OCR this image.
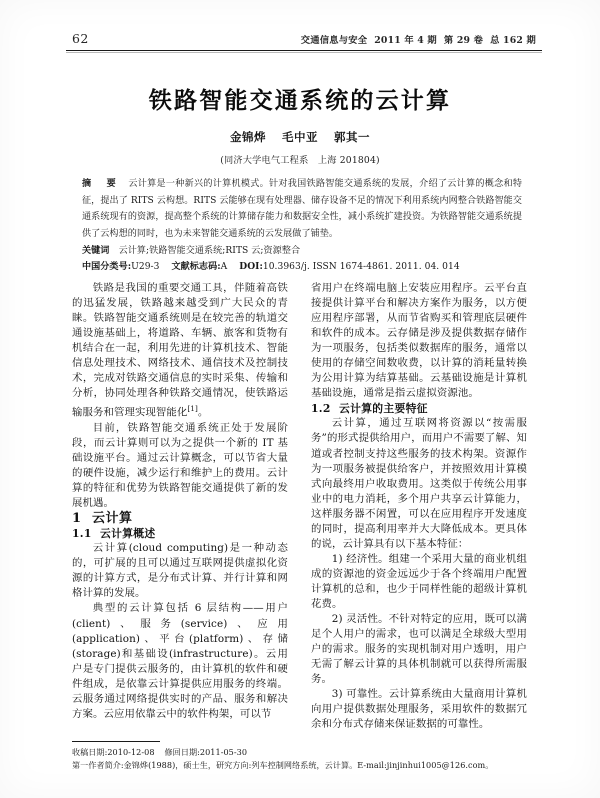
62	交通信息与安全 2011 年 4 期 第 29 卷 总 162 期
铁路智能交通系统的云计算
金锦烨 毛中亚 郭其一
(同济大学电气工程系　上海 201804)

摘　要　 云计算是一种新兴的计算机模式。针对我国铁路智能交通系统的发展，介绍了云计算的概念和特征，提出了 RITS 云构想。RITS 云能够在现有处理器、储存设备不足的情况下利用系统内网整合铁路智能交通系统现有的资源，提高整个系统的计算储存能力和数据安全性，减小系统扩建投资。为铁路智能交通系统提供了云构想的同时，也为未来智能交通系统的云发展做了铺垫。

关键词　 云计算;铁路智能交通系统;RITS 云;资源整合
中国分类号:U29-3 文献标志码:A DOI:10.3963/j. ISSN 1674-4861. 2011. 04. 014

铁路是我国的重要交通工具，伴随着高铁的迅猛发展，铁路越来越受到广大民众的青睐。铁路智能交通系统则是在较完善的轨道交通设施基础上，将道路、车辆、旅客和货物有机结合在一起，利用先进的计算机技术、智能信息处理技术、网络技术、通信技术及控制技术，完成对铁路交通信息的实时采集、传输和分析，协同处理各种铁路交通情况，使铁路运输服务和管理实现智能化[1]。

目前，铁路智能交通系统正处于发展阶段，而云计算则可以为之提供一个新的 IT 基础设施平台。通过云计算概念，可以节省大量的硬件设施，减少运行和维护上的费用。云计算的特征和优势为铁路智能交通提供了新的发展机遇。

1 云计算

1.1 云计算概述

云计算(cloud computing)是一种动态的，可扩展的且可以通过互联网提供虚拟化资源的计算方式，是分布式计算、并行计算和网格计算的发展。

典型的云计算包括 6 层结构——用户(client)、服务(service)、应用(application)、平台(platform)、存储(storage)和基础设(infrastructure)。云用户是专门提供云服务的，由计算机的软件和硬件组成，是依靠云计算提供应用服务的终端。云服务通过网络提供实时的产品、服务和解决方案。云应用依靠云中的软件构架，可以节

省用户在终端电脑上安装应用程序。云平台直接提供计算平台和解决方案作为服务，以方便应用程序部署，从而节省购买和管理底层硬件和软件的成本。云存储是涉及提供数据存储作为一项服务，包括类似数据库的服务，通常以使用的存储空间数收费，以计算的消耗量转换为公用计算为结算基础。云基础设施是计算机基础设施，通常是指云虚拟资源池。

1.2 云计算的主要特征

云计算，通过互联网将资源以“按需服务”的形式提供给用户，而用户不需要了解、知道或者控制支持这些服务的技术构架。资源作为一项服务被提供给客户，并按照效用计算模式向最终用户收取费用。这类似于传统公用事业中的电力消耗，多个用户共享云计算能力，这样服务器不闲置，可以在应用程序开发速度的同时，提高利用率并大大降低成本。更具体的说，云计算具有以下基本特征：

1) 经济性。组建一个采用大量的商业机组成的资源池的资金远远少于各个终端用户配置计算机的总和，也少于同样性能的超级计算机花费。

2) 灵活性。不针对特定的应用，既可以满足个人用户的需求，也可以满足全球级大型用户的需求。服务的实现机制对用户透明，用户无需了解云计算的具体机制就可以获得所需服务。

3) 可靠性。云计算系统由大量商用计算机向用户提供数据处理服务，采用软件的数据冗余和分布式存储来保证数据的可靠性。

收稿日期:2010-12-08 修回日期:2011-05-30
第一作者简介:金锦烨(1988)，硕士生，研究方向:列车控制网络系统，云计算。E-mail:jinjinhui1005@126.com。
